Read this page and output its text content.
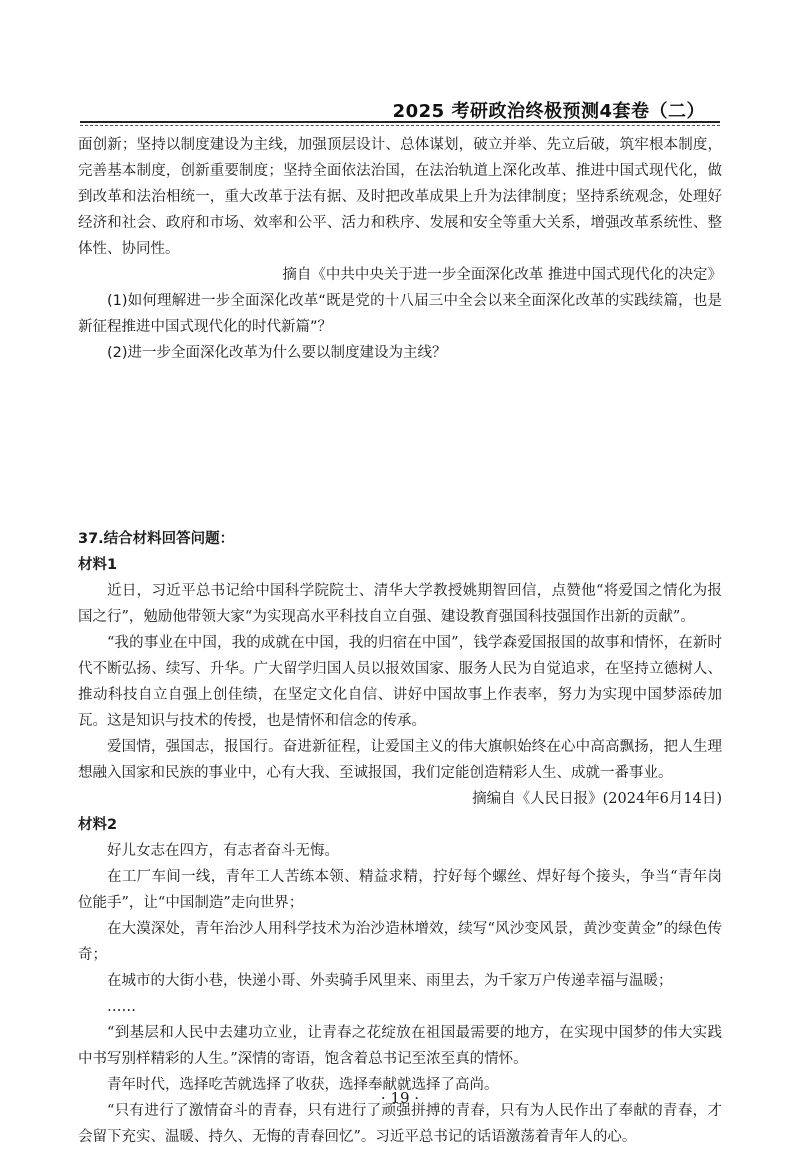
2025 考研政治终极预测4套卷（二）

面创新；坚持以制度建设为主线，加强顶层设计、总体谋划，破立并举、先立后破，筑牢根本制度，完善基本制度，创新重要制度；坚持全面依法治国，在法治轨道上深化改革、推进中国式现代化，做到改革和法治相统一，重大改革于法有据、及时把改革成果上升为法律制度；坚持系统观念，处理好经济和社会、政府和市场、效率和公平、活力和秩序、发展和安全等重大关系，增强改革系统性、整体性、协同性。

摘自《中共中央关于进一步全面深化改革 推进中国式现代化的决定》

(1)如何理解进一步全面深化改革“既是党的十八届三中全会以来全面深化改革的实践续篇，也是新征程推进中国式现代化的时代新篇”？

(2)进一步全面深化改革为什么要以制度建设为主线？

37.结合材料回答问题：

材料1

近日，习近平总书记给中国科学院院士、清华大学教授姚期智回信，点赞他“将爱国之情化为报国之行”，勉励他带领大家“为实现高水平科技自立自强、建设教育强国科技强国作出新的贡献”。

“我的事业在中国，我的成就在中国，我的归宿在中国”，钱学森爱国报国的故事和情怀，在新时代不断弘扬、续写、升华。广大留学归国人员以报效国家、服务人民为自觉追求，在坚持立德树人、推动科技自立自强上创佳绩，在坚定文化自信、讲好中国故事上作表率，努力为实现中国梦添砖加瓦。这是知识与技术的传授，也是情怀和信念的传承。

爱国情，强国志，报国行。奋进新征程，让爱国主义的伟大旗帜始终在心中高高飘扬，把人生理想融入国家和民族的事业中，心有大我、至诚报国，我们定能创造精彩人生、成就一番事业。

摘编自《人民日报》(2024年6月14日)

材料2

好儿女志在四方，有志者奋斗无悔。

在工厂车间一线，青年工人苦练本领、精益求精，拧好每个螺丝、焊好每个接头，争当“青年岗位能手”，让“中国制造”走向世界；

在大漠深处，青年治沙人用科学技术为治沙造林增效，续写“风沙变风景，黄沙变黄金”的绿色传奇；

在城市的大街小巷，快递小哥、外卖骑手风里来、雨里去，为千家万户传递幸福与温暖；

……

“到基层和人民中去建功立业，让青春之花绽放在祖国最需要的地方，在实现中国梦的伟大实践中书写别样精彩的人生。”深情的寄语，饱含着总书记至浓至真的情怀。

青年时代，选择吃苦就选择了收获，选择奉献就选择了高尚。

“只有进行了激情奋斗的青春，只有进行了顽强拼搏的青春，只有为人民作出了奉献的青春，才会留下充实、温暖、持久、无悔的青春回忆”。习近平总书记的话语激荡着青年人的心。

· 19 ·
